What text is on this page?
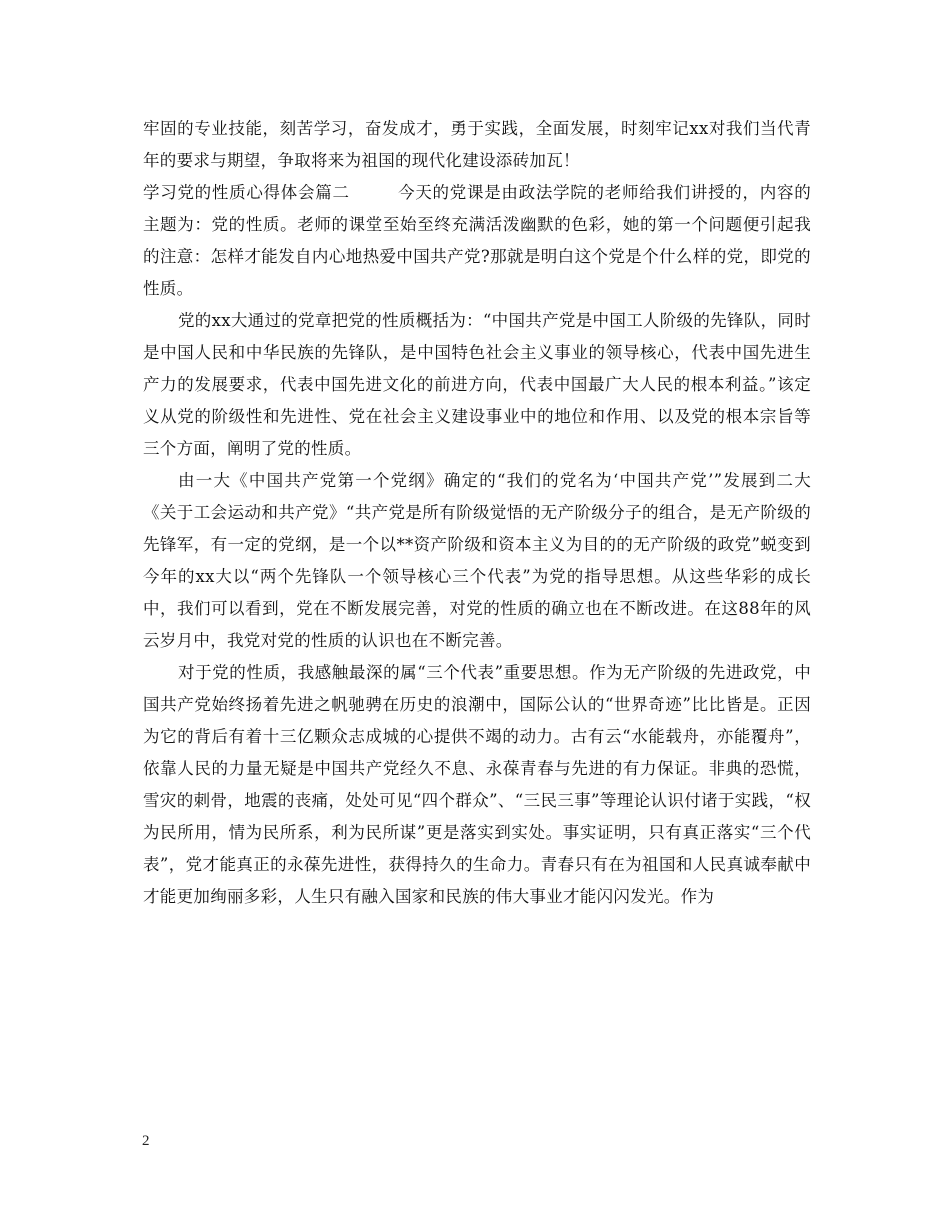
牢固的专业技能，刻苦学习，奋发成才，勇于实践，全面发展，时刻牢记xx对我们当代青年的要求与期望，争取将来为祖国的现代化建设添砖加瓦！

学习党的性质心得体会篇二	今天的党课是由政法学院的老师给我们讲授的，内容的主题为：党的性质。老师的课堂至始至终充满活泼幽默的色彩，她的第一个问题便引起我的注意：怎样才能发自内心地热爱中国共产党?那就是明白这个党是个什么样的党，即党的性质。

党的xx大通过的党章把党的性质概括为：“中国共产党是中国工人阶级的先锋队，同时是中国人民和中华民族的先锋队，是中国特色社会主义事业的领导核心，代表中国先进生产力的发展要求，代表中国先进文化的前进方向，代表中国最广大人民的根本利益。”该定义从党的阶级性和先进性、党在社会主义建设事业中的地位和作用、以及党的根本宗旨等三个方面，阐明了党的性质。

由一大《中国共产党第一个党纲》确定的“我们的党名为‘中国共产党’”发展到二大《关于工会运动和共产党》“共产党是所有阶级觉悟的无产阶级分子的组合，是无产阶级的先锋军，有一定的党纲，是一个以**资产阶级和资本主义为目的的无产阶级的政党”蜕变到今年的xx大以“两个先锋队一个领导核心三个代表”为党的指导思想。从这些华彩的成长中，我们可以看到，党在不断发展完善，对党的性质的确立也在不断改进。在这88年的风云岁月中，我党对党的性质的认识也在不断完善。

对于党的性质，我感触最深的属“三个代表”重要思想。作为无产阶级的先进政党，中国共产党始终扬着先进之帆驰骋在历史的浪潮中，国际公认的“世界奇迹”比比皆是。正因为它的背后有着十三亿颗众志成城的心提供不竭的动力。古有云“水能载舟，亦能覆舟”，依靠人民的力量无疑是中国共产党经久不息、永葆青春与先进的有力保证。非典的恐慌，雪灾的刺骨，地震的丧痛，处处可见“四个群众”、“三民三事”等理论认识付诸于实践，“权为民所用，情为民所系，利为民所谋”更是落实到实处。事实证明，只有真正落实“三个代表”，党才能真正的永葆先进性，获得持久的生命力。青春只有在为祖国和人民真诚奉献中才能更加绚丽多彩，人生只有融入国家和民族的伟大事业才能闪闪发光。作为

2
